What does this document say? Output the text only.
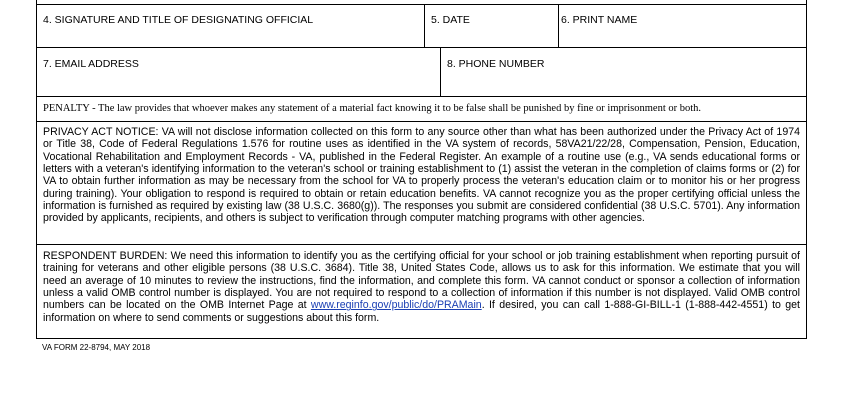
4. SIGNATURE AND TITLE OF DESIGNATING OFFICIAL	5. DATE	6. PRINT NAME
7. EMAIL ADDRESS	8. PHONE NUMBER
PENALTY - The law provides that whoever makes any statement of a material fact knowing it to be false shall be punished by fine or imprisonment or both.
PRIVACY ACT NOTICE: VA will not disclose information collected on this form to any source other than what has been authorized under the Privacy Act of 1974 or Title 38, Code of Federal Regulations 1.576 for routine uses as identified in the VA system of records, 58VA21/22/28, Compensation, Pension, Education, Vocational Rehabilitation and Employment Records - VA, published in the Federal Register. An example of a routine use (e.g., VA sends educational forms or letters with a veteran's identifying information to the veteran's school or training establishment to (1) assist the veteran in the completion of claims forms or (2) for VA to obtain further information as may be necessary from the school for VA to properly process the veteran's education claim or to monitor his or her progress during training). Your obligation to respond is required to obtain or retain education benefits. VA cannot recognize you as the proper certifying official unless the information is furnished as required by existing law (38 U.S.C. 3680(g)). The responses you submit are considered confidential (38 U.S.C. 5701). Any information provided by applicants, recipients, and others is subject to verification through computer matching programs with other agencies.
RESPONDENT BURDEN: We need this information to identify you as the certifying official for your school or job training establishment when reporting pursuit of training for veterans and other eligible persons (38 U.S.C. 3684). Title 38, United States Code, allows us to ask for this information. We estimate that you will need an average of 10 minutes to review the instructions, find the information, and complete this form. VA cannot conduct or sponsor a collection of information unless a valid OMB control number is displayed. You are not required to respond to a collection of information if this number is not displayed. Valid OMB control numbers can be located on the OMB Internet Page at www.reginfo.gov/public/do/PRAMain. If desired, you can call 1-888-GI-BILL-1 (1-888-442-4551) to get information on where to send comments or suggestions about this form.
VA FORM 22-8794, MAY 2018
